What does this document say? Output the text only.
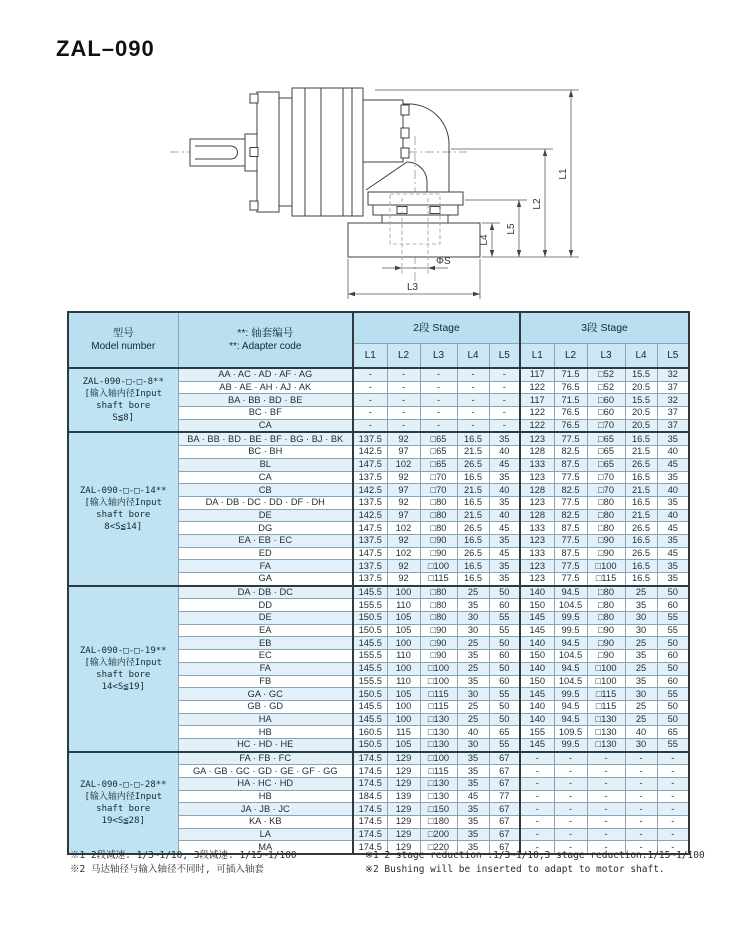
ZAL–090
ΦS
L3
L4
L5
L2
L1
型号
Model number

**: 轴套编号
**: Adapter code
	2段 Stage	3段 Stage
		L1	L2	L3	L4	L5	L1	L2	L3	L4	L5

ZAL-090-□-□-8**
[输入轴内径Input
shaft bore
S≦8]	AA · AC · AD · AF · AG	-	-	-	-	-	117	71.5	□52	15.5	32
	AB · AE · AH · AJ · AK	-	-	-	-	-	122	76.5	□52	20.5	37
	BA · BB · BD · BE	-	-	-	-	-	117	71.5	□60	15.5	32
	BC · BF	-	-	-	-	-	122	76.5	□60	20.5	37
	CA	-	-	-	-	-	122	76.5	□70	20.5	37

ZAL-090-□-□-14**
[输入轴内径Input
shaft bore
8<S≦14]	BA · BB · BD · BE · BF · BG · BJ · BK	137.5	92	□65	16.5	35	123	77.5	□65	16.5	35
	BC · BH	142.5	97	□65	21.5	40	128	82.5	□65	21.5	40
	BL	147.5	102	□65	26.5	45	133	87.5	□65	26.5	45
	CA	137.5	92	□70	16.5	35	123	77.5	□70	16.5	35
	CB	142.5	97	□70	21.5	40	128	82.5	□70	21.5	40
	DA · DB · DC · DD · DF · DH	137.5	92	□80	16.5	35	123	77.5	□80	16.5	35
	DE	142.5	97	□80	21.5	40	128	82.5	□80	21.5	40
	DG	147.5	102	□80	26.5	45	133	87.5	□80	26.5	45
	EA · EB · EC	137.5	92	□90	16.5	35	123	77.5	□90	16.5	35
	ED	147.5	102	□90	26.5	45	133	87.5	□90	26.5	45
	FA	137.5	92	□100	16.5	35	123	77.5	□100	16.5	35
	GA	137.5	92	□115	16.5	35	123	77.5	□115	16.5	35

ZAL-090-□-□-19**
[输入轴内径Input
shaft bore
14<S≦19]	DA · DB · DC	145.5	100	□80	25	50	140	94.5	□80	25	50
	DD	155.5	110	□80	35	60	150	104.5	□80	35	60
	DE	150.5	105	□80	30	55	145	99.5	□80	30	55
	EA	150.5	105	□90	30	55	145	99.5	□90	30	55
	EB	145.5	100	□90	25	50	140	94.5	□90	25	50
	EC	155.5	110	□90	35	60	150	104.5	□90	35	60
	FA	145.5	100	□100	25	50	140	94.5	□100	25	50
	FB	155.5	110	□100	35	60	150	104.5	□100	35	60
	GA · GC	150.5	105	□115	30	55	145	99.5	□115	30	55
	GB · GD	145.5	100	□115	25	50	140	94.5	□115	25	50
	HA	145.5	100	□130	25	50	140	94.5	□130	25	50
	HB	160.5	115	□130	40	65	155	109.5	□130	40	65
	HC · HD · HE	150.5	105	□130	30	55	145	99.5	□130	30	55

ZAL-090-□-□-28**
[输入轴内径Input
shaft bore
19<S≦28]	FA · FB · FC	174.5	129	□100	35	67	-	-	-	-	-
	GA · GB · GC · GD · GE · GF · GG	174.5	129	□115	35	67	-	-	-	-	-
	HA · HC · HD	174.5	129	□130	35	67	-	-	-	-	-
	HB	184.5	139	□130	45	77	-	-	-	-	-
	JA · JB · JC	174.5	129	□150	35	67	-	-	-	-	-
	KA · KB	174.5	129	□180	35	67	-	-	-	-	-
	LA	174.5	129	□200	35	67	-	-	-	-	-
	MA	174.5	129	□220	35	67	-	-	-	-	-
※1 2段减速: 1/3~1/10; 3段减速: 1/15~1/100
※2 马达轴径与输入轴径不同时, 可插入轴套
※1 2 stage reduction :1/3~1/10;3 stage reduction:1/15~1/100
※2 Bushing will be inserted to adapt to motor shaft.
